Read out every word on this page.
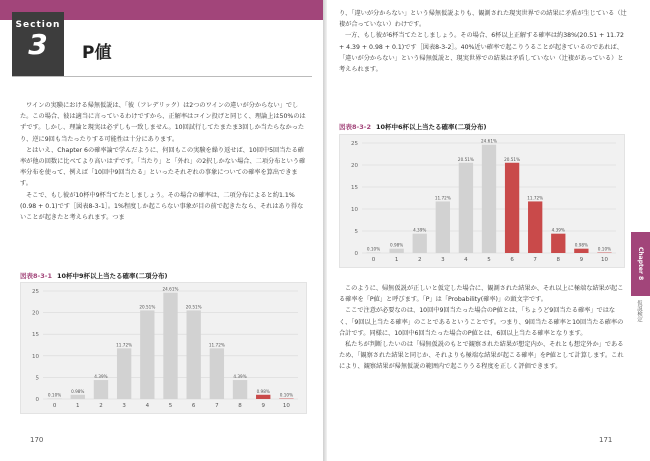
Section
3	P値

ワインの実験における帰無仮説は、「彼（フレデリック）は2つのワインの違いが分からない」でした。この場合、彼は適当に言っているわけですから、正解率はコイン投げと同じく、理論上は50%のはずです。しかし、理論と現実は必ずしも一致しません。10回試行してたまたま3回しか当たらなかったり、逆に9回も当たったりする可能性は十分にあります。

とはいえ、Chapter 6の確率論で学んだように、何回もこの実験を繰り返せば、10回中5回当たる確率が他の回数に比べてより高いはずです。「当たり」と「外れ」の2択しかない場合、二項分布という確率分布を使って、例えば「10回中9回当たる」といったそれぞれの事象についての確率を算出できます。

そこで、もし彼が10杯中9杯当てたとしましょう。その場合の確率は、二項分布によると約1.1%(0.98 + 0.1)です［図表8-3-1］。1%程度しか起こらない事象が目の前で起きたなら、それはあり得ないことが起きたと考えられます。つま

図表8-3-1 10杯中9杯以上当たる確率(二項分布)
0
5
10
15
20
25
0.10%
0
0.98%
1
4.39%
2
11.72%
3
20.51%
4
24.61%
5
20.51%
6
11.72%
7
4.39%
8
0.98%
9
0.10%
10
170

り、「違いが分からない」という帰無仮説よりも、観測された現実世界での結果に矛盾が生じている（辻褄が合っていない）わけです。

一方、もし彼が6杯当てたとしましょう。その場合、6杯以上正解する確率は約38%(20.51 + 11.72 + 4.39 + 0.98 + 0.1)です［図表8-3-2］。40%近い確率で起こりうることが起きているのであれば、「違いが分からない」という帰無仮説と、現実世界での結果は矛盾していない（辻褄があっている）と考えられます。

図表8-3-2 10杯中6杯以上当たる確率(二項分布)
0
5
10
15
20
25
0.10%
0
0.98%
1
4.39%
2
11.72%
3
20.51%
4
24.61%
5
20.51%
6
11.72%
7
4.39%
8
0.98%
9
0.10%
10

このように、帰無仮説が正しいと仮定した場合に、観測された結果か、それ以上に極端な結果が起こる確率を「P値」と呼びます。「P」は「Probability(確率)」の頭文字です。

ここで注意が必要なのは、10回中9回当たった場合のP値とは、「ちょうど9回当たる確率」ではなく、「9回以上当たる確率」のことであるということです。つまり、9回当たる確率と10回当たる確率の合計です。同様に、10回中6回当たった場合のP値とは、6回以上当たる確率となります。

私たちが判断したいのは「帰無仮説のもとで観察された結果が想定内か、それとも想定外か」であるため、「観察された結果と同じか、それよりも極端な結果が起こる確率」をP値として計算します。これにより、観察結果が帰無仮説の範囲内で起こりうる程度を正しく評価できます。

Chapter 8
仮説検定
171
